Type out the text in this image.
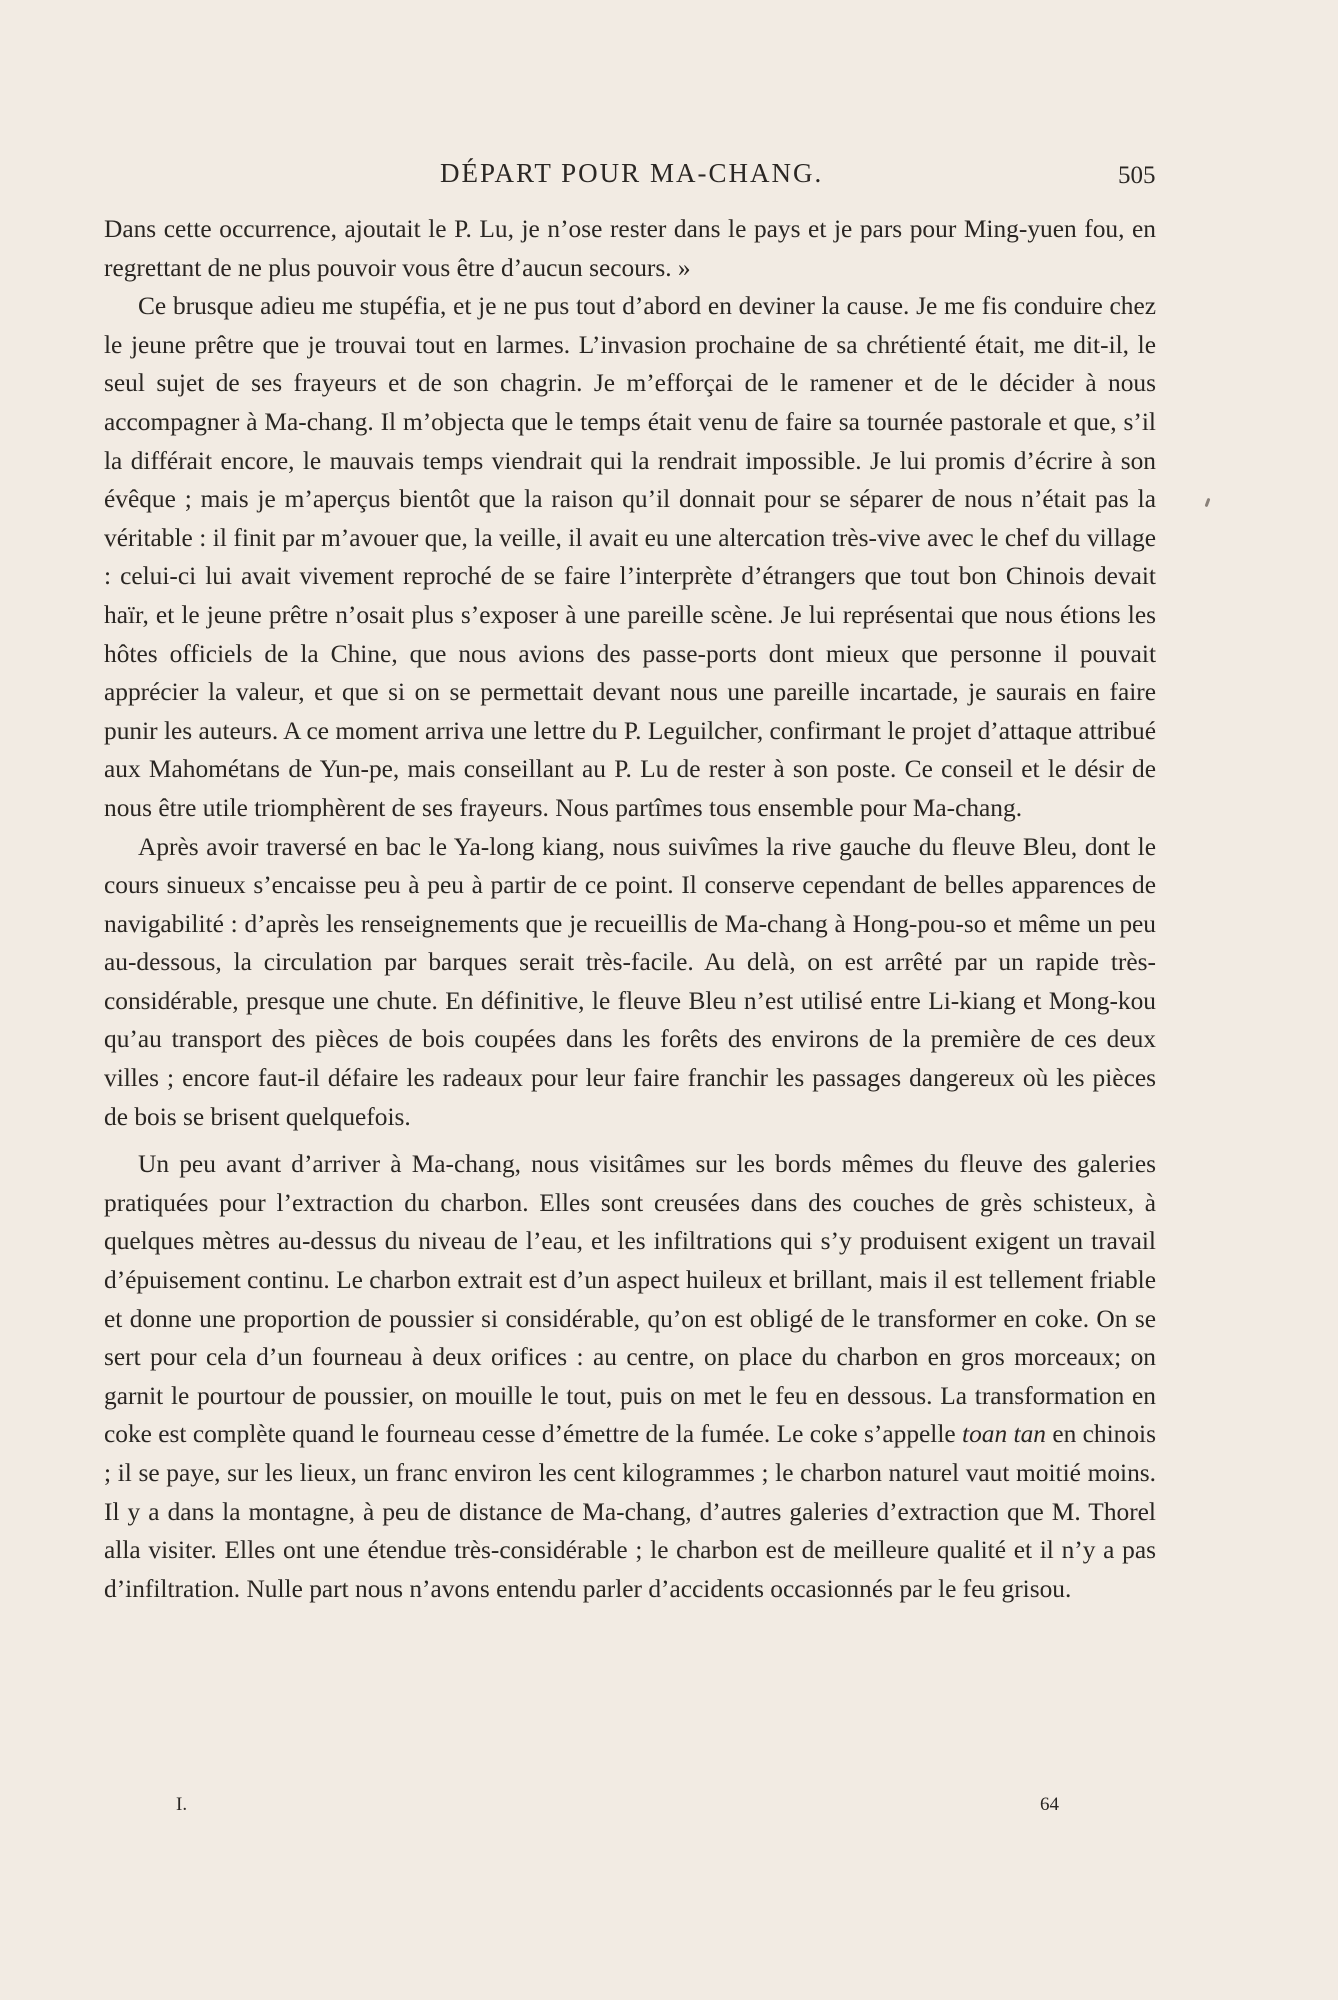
DÉPART POUR MA-CHANG.	505

Dans cette occurrence, ajoutait le P. Lu, je n’ose rester dans le pays et je pars pour Ming-yuen fou, en regrettant de ne plus pouvoir vous être d’aucun secours. »

Ce brusque adieu me stupéfia, et je ne pus tout d’abord en deviner la cause. Je me fis conduire chez le jeune prêtre que je trouvai tout en larmes. L’invasion prochaine de sa chrétienté était, me dit-il, le seul sujet de ses frayeurs et de son chagrin. Je m’efforçai de le ramener et de le décider à nous accompagner à Ma-chang. Il m’objecta que le temps était venu de faire sa tournée pastorale et que, s’il la différait encore, le mauvais temps viendrait qui la rendrait impossible. Je lui promis d’écrire à son évêque ; mais je m’aperçus bientôt que la raison qu’il donnait pour se séparer de nous n’était pas la véritable : il finit par m’avouer que, la veille, il avait eu une altercation très-vive avec le chef du village : celui-ci lui avait vivement reproché de se faire l’interprète d’étrangers que tout bon Chinois devait haïr, et le jeune prêtre n’osait plus s’exposer à une pareille scène. Je lui représentai que nous étions les hôtes officiels de la Chine, que nous avions des passe-ports dont mieux que personne il pouvait apprécier la valeur, et que si on se permettait devant nous une pareille incartade, je saurais en faire punir les auteurs. A ce moment arriva une lettre du P. Leguilcher, confirmant le projet d’attaque attribué aux Mahométans de Yun-pe, mais conseillant au P. Lu de rester à son poste. Ce conseil et le désir de nous être utile triomphèrent de ses frayeurs. Nous partîmes tous ensemble pour Ma-chang.

Après avoir traversé en bac le Ya-long kiang, nous suivîmes la rive gauche du fleuve Bleu, dont le cours sinueux s’encaisse peu à peu à partir de ce point. Il conserve cependant de belles apparences de navigabilité : d’après les renseignements que je recueillis de Ma-chang à Hong-pou-so et même un peu au-dessous, la circulation par barques serait très-facile. Au delà, on est arrêté par un rapide très-considérable, presque une chute. En définitive, le fleuve Bleu n’est utilisé entre Li-kiang et Mong-kou qu’au transport des pièces de bois coupées dans les forêts des environs de la première de ces deux villes ; encore faut-il défaire les radeaux pour leur faire franchir les passages dangereux où les pièces de bois se brisent quelquefois.

Un peu avant d’arriver à Ma-chang, nous visitâmes sur les bords mêmes du fleuve des galeries pratiquées pour l’extraction du charbon. Elles sont creusées dans des couches de grès schisteux, à quelques mètres au-dessus du niveau de l’eau, et les infiltrations qui s’y produisent exigent un travail d’épuisement continu. Le charbon extrait est d’un aspect huileux et brillant, mais il est tellement friable et donne une proportion de poussier si considérable, qu’on est obligé de le transformer en coke. On se sert pour cela d’un fourneau à deux orifices : au centre, on place du charbon en gros morceaux; on garnit le pourtour de poussier, on mouille le tout, puis on met le feu en dessous. La transformation en coke est complète quand le fourneau cesse d’émettre de la fumée. Le coke s’appelle toan tan en chinois ; il se paye, sur les lieux, un franc environ les cent kilogrammes ; le charbon naturel vaut moitié moins. Il y a dans la montagne, à peu de distance de Ma-chang, d’autres galeries d’extraction que M. Thorel alla visiter. Elles ont une étendue très-considérable ; le charbon est de meilleure qualité et il n’y a pas d’infiltration. Nulle part nous n’avons entendu parler d’accidents occasionnés par le feu grisou.

I.	64
